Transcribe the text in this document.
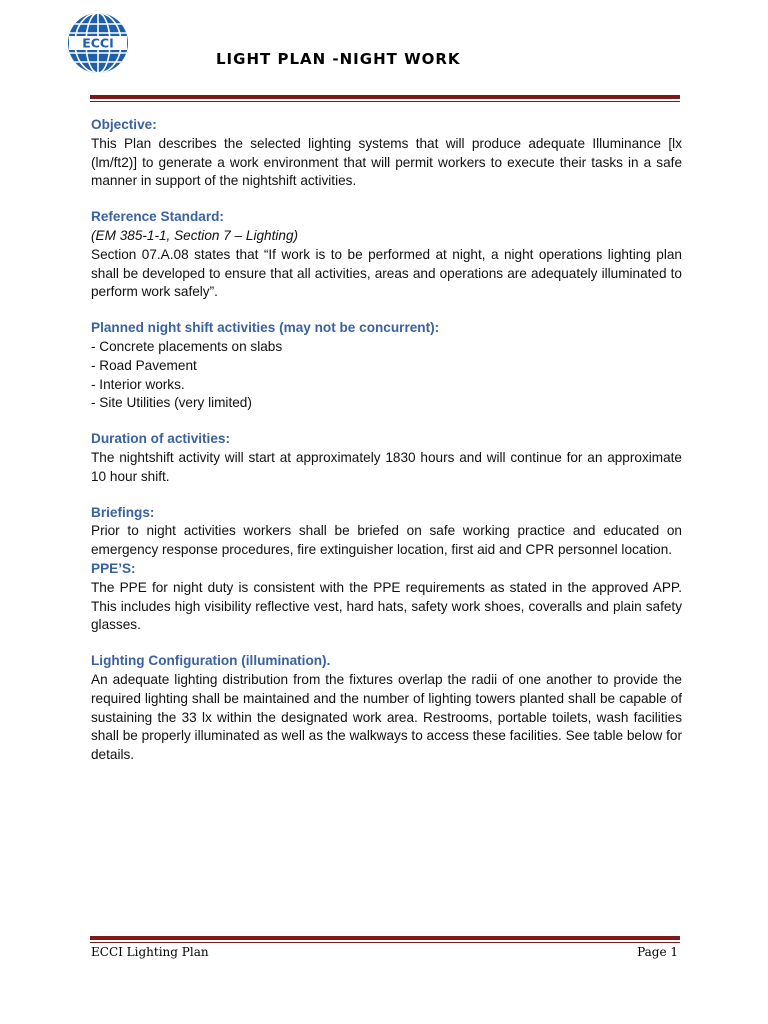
ECCI
LIGHT PLAN -NIGHT WORK
Objective:
This Plan describes the selected lighting systems that will produce adequate Illuminance [lx (lm/ft2)] to generate a work environment that will permit workers to execute their tasks in a safe manner in support of the nightshift activities.
Reference Standard:
(EM 385-1-1, Section 7 – Lighting)
Section 07.A.08 states that “If work is to be performed at night, a night operations lighting plan shall be developed to ensure that all activities, areas and operations are adequately illuminated to perform work safely”.
Planned night shift activities (may not be concurrent):
- Concrete placements on slabs
- Road Pavement
- Interior works.
- Site Utilities (very limited)
Duration of activities:
The nightshift activity will start at approximately 1830 hours and will continue for an approximate 10 hour shift.
Briefings:
Prior to night activities workers shall be briefed on safe working practice and educated on emergency response procedures, fire extinguisher location, first aid and CPR personnel location.
PPE’S:
The PPE for night duty is consistent with the PPE requirements as stated in the approved APP. This includes high visibility reflective vest, hard hats, safety work shoes, coveralls and plain safety glasses.
Lighting Configuration (illumination).
An adequate lighting distribution from the fixtures overlap the radii of one another to provide the required lighting shall be maintained and the number of lighting towers planted shall be capable of sustaining the 33 lx within the designated work area. Restrooms, portable toilets, wash facilities shall be properly illuminated as well as the walkways to access these facilities. See table below for details.
ECCI Lighting Plan	Page 1
